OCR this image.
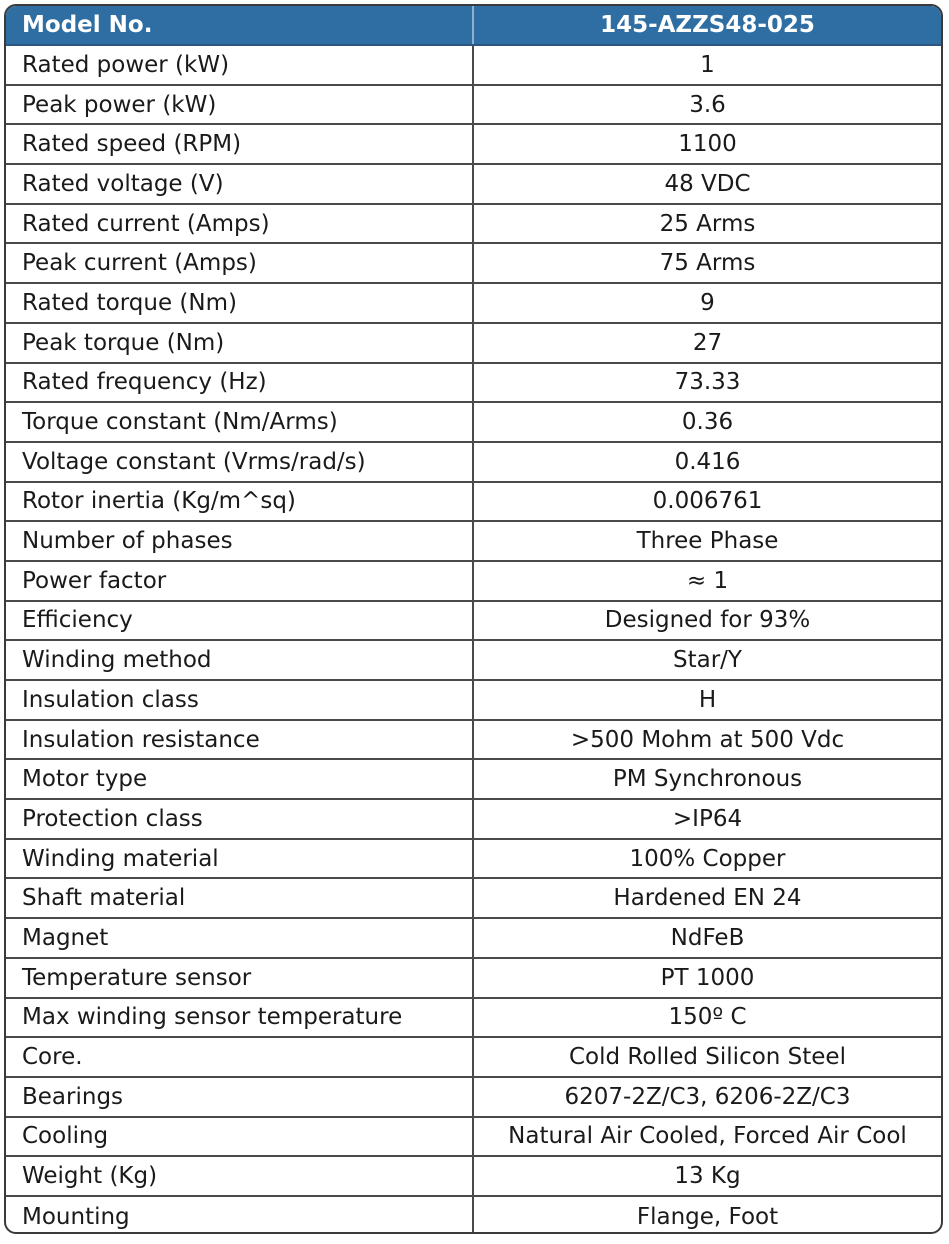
Model No.	145-AZZS48-025
Rated power (kW)	1
Peak power (kW)	3.6
Rated speed (RPM)	1100
Rated voltage (V)	48 VDC
Rated current (Amps)	25 Arms
Peak current (Amps)	75 Arms
Rated torque (Nm)	9
Peak torque (Nm)	27
Rated frequency (Hz)	73.33
Torque constant (Nm/Arms)	0.36
Voltage constant (Vrms/rad/s)	0.416
Rotor inertia (Kg/m^sq)	0.006761
Number of phases	Three Phase
Power factor	≈ 1
Efficiency	Designed for 93%
Winding method	Star/Y
Insulation class	H
Insulation resistance	>500 Mohm at 500 Vdc
Motor type	PM Synchronous
Protection class	>IP64
Winding material	100% Copper
Shaft material	Hardened EN 24
Magnet	NdFeB
Temperature sensor	PT 1000
Max winding sensor temperature	150º C
Core.	Cold Rolled Silicon Steel
Bearings	6207-2Z/C3, 6206-2Z/C3
Cooling	Natural Air Cooled, Forced Air Cool
Weight (Kg)	13 Kg
Mounting	Flange, Foot
